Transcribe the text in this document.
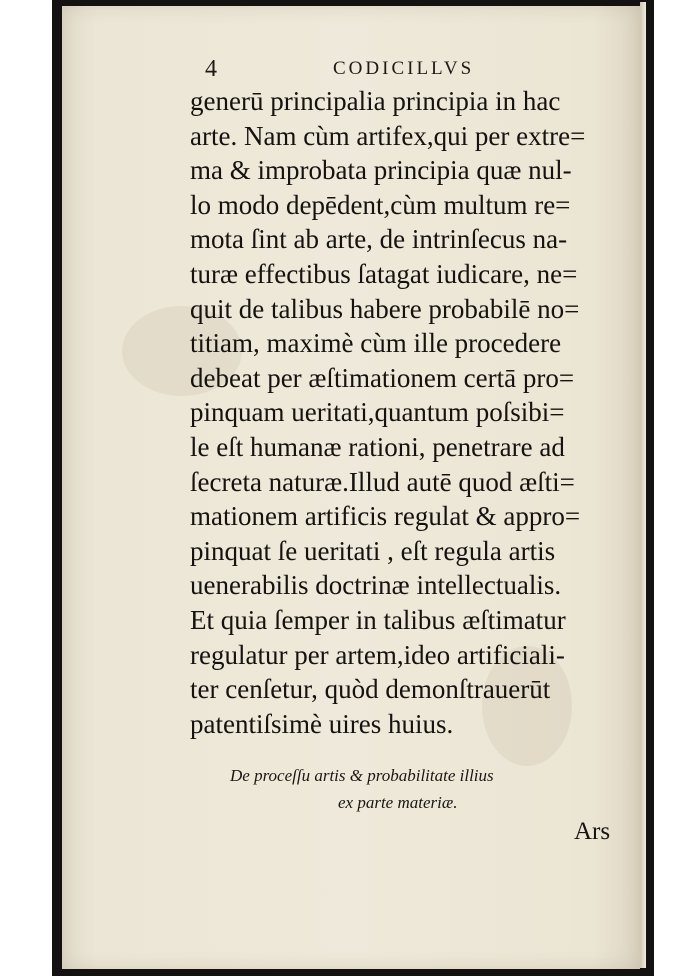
4	CODICILLVS
generū principalia principia in hac
arte. Nam cùm artifex,qui per extre=
ma & improbata principia quæ nul-
lo modo depēdent,cùm multum re=
mota ſint ab arte, de intrinſecus na-
turæ effectibus ſatagat iudicare, ne=
quit de talibus habere probabilē no=
titiam, maximè cùm ille procedere
debeat per æſtimationem certā pro=
pinquam ueritati,quantum poſsibi=
le eſt humanæ rationi, penetrare ad
ſecreta naturæ.Illud autē quod æſti=
mationem artificis regulat & appro=
pinquat ſe ueritati , eſt regula artis
uenerabilis doctrinæ intellectualis.
Et quia ſemper in talibus æſtimatur
regulatur per artem,ideo artificiali-
ter cenſetur, quòd demonſtrauerūt
patentiſsimè uires huius.
De proceſſu artis & probabilitate illius
ex parte materiæ.
Ars
